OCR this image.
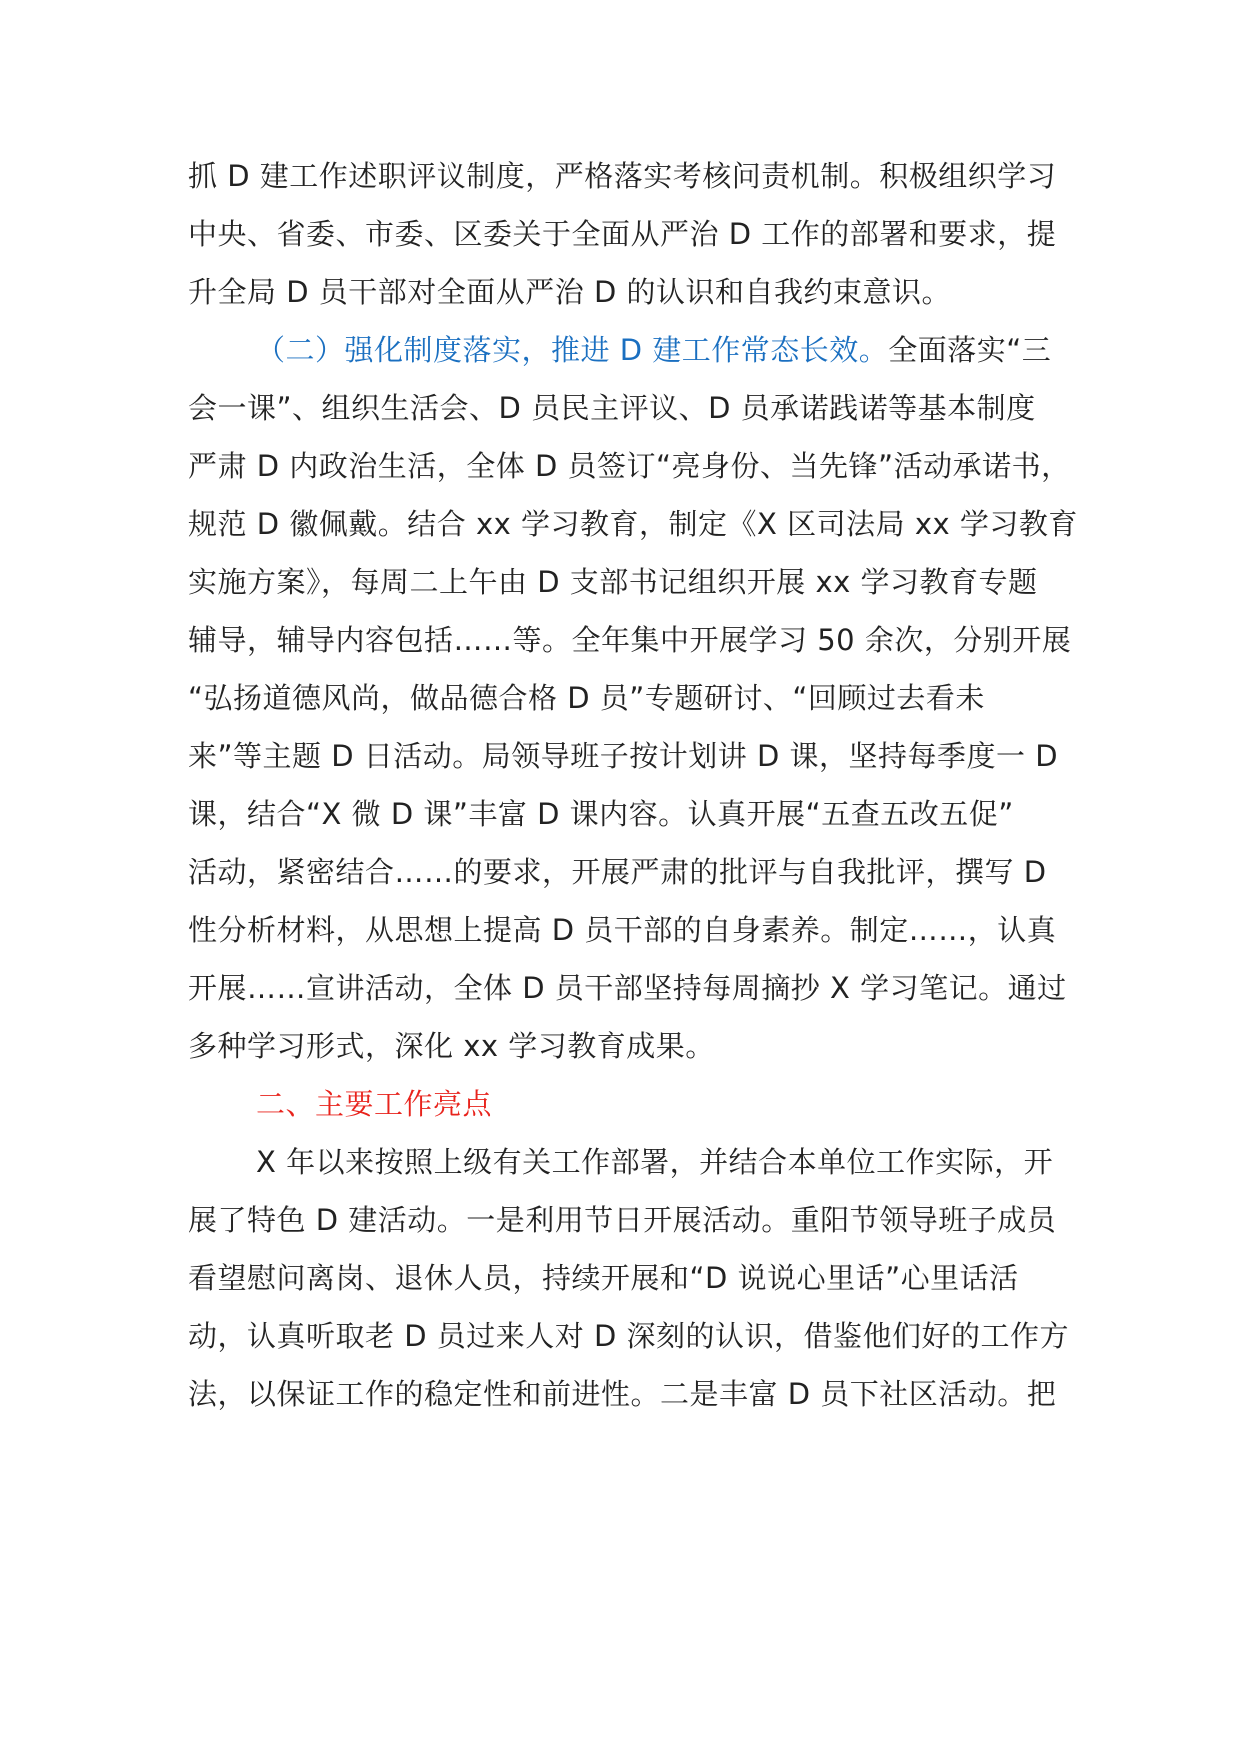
抓 D 建工作述职评议制度，严格落实考核问责机制。积极组织学习
中央、省委、市委、区委关于全面从严治 D 工作的部署和要求，提
升全局 D 员干部对全面从严治 D 的认识和自我约束意识。
（二）强化制度落实，推进 D 建工作常态长效。全面落实“三
会一课”、组织生活会、D 员民主评议、D 员承诺践诺等基本制度
严肃 D 内政治生活，全体 D 员签订“亮身份、当先锋”活动承诺书，
规范 D 徽佩戴。结合 xx 学习教育，制定《X 区司法局 xx 学习教育
实施方案》，每周二上午由 D 支部书记组织开展 xx 学习教育专题
辅导，辅导内容包括……等。全年集中开展学习 50 余次，分别开展
“弘扬道德风尚，做品德合格 D 员”专题研讨、“回顾过去看未
来”等主题 D 日活动。局领导班子按计划讲 D 课，坚持每季度一 D
课，结合“X 微 D 课”丰富 D 课内容。认真开展“五查五改五促”
活动，紧密结合……的要求，开展严肃的批评与自我批评，撰写 D
性分析材料，从思想上提高 D 员干部的自身素养。制定……，认真
开展……宣讲活动，全体 D 员干部坚持每周摘抄 X 学习笔记。通过
多种学习形式，深化 xx 学习教育成果。
二、主要工作亮点
X 年以来按照上级有关工作部署，并结合本单位工作实际，开
展了特色 D 建活动。一是利用节日开展活动。重阳节领导班子成员
看望慰问离岗、退休人员，持续开展和“D 说说心里话”心里话活
动，认真听取老 D 员过来人对 D 深刻的认识，借鉴他们好的工作方
法，以保证工作的稳定性和前进性。二是丰富 D 员下社区活动。把
